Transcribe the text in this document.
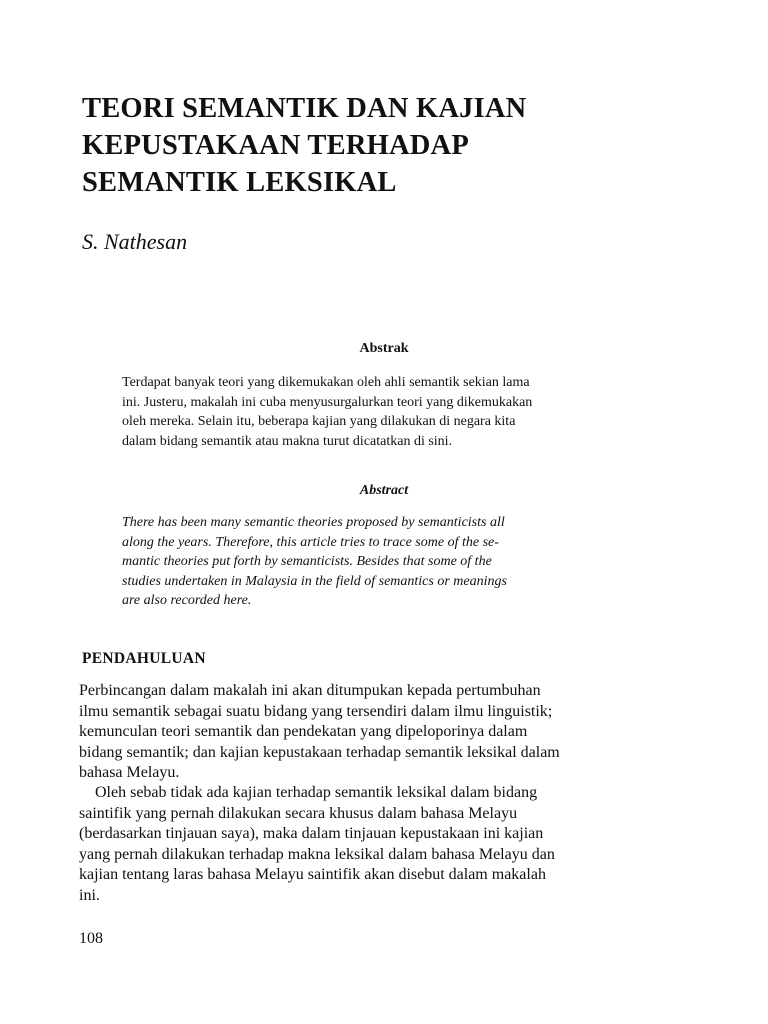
TEORI SEMANTIK DAN KAJIAN
KEPUSTAKAAN TERHADAP
SEMANTIK LEKSIKAL

S. Nathesan

Abstrak
Terdapat banyak teori yang dikemukakan oleh ahli semantik sekian lama
ini. Justeru, makalah ini cuba menyusurgalurkan teori yang dikemukakan
oleh mereka. Selain itu, beberapa kajian yang dilakukan di negara kita
dalam bidang semantik atau makna turut dicatatkan di sini.
Abstract
There has been many semantic theories proposed by semanticists all
along the years. Therefore, this article tries to trace some of the se-
mantic theories put forth by semanticists. Besides that some of the
studies undertaken in Malaysia in the field of semantics or meanings
are also recorded here.
PENDAHULUAN
Perbincangan dalam makalah ini akan ditumpukan kepada pertumbuhan
ilmu semantik sebagai suatu bidang yang tersendiri dalam ilmu linguistik;
kemunculan teori semantik dan pendekatan yang dipeloporinya dalam
bidang semantik; dan kajian kepustakaan terhadap semantik leksikal dalam
bahasa Melayu.
Oleh sebab tidak ada kajian terhadap semantik leksikal dalam bidang
saintifik yang pernah dilakukan secara khusus dalam bahasa Melayu
(berdasarkan tinjauan saya), maka dalam tinjauan kepustakaan ini kajian
yang pernah dilakukan terhadap makna leksikal dalam bahasa Melayu dan
kajian tentang laras bahasa Melayu saintifik akan disebut dalam makalah
ini.

108
